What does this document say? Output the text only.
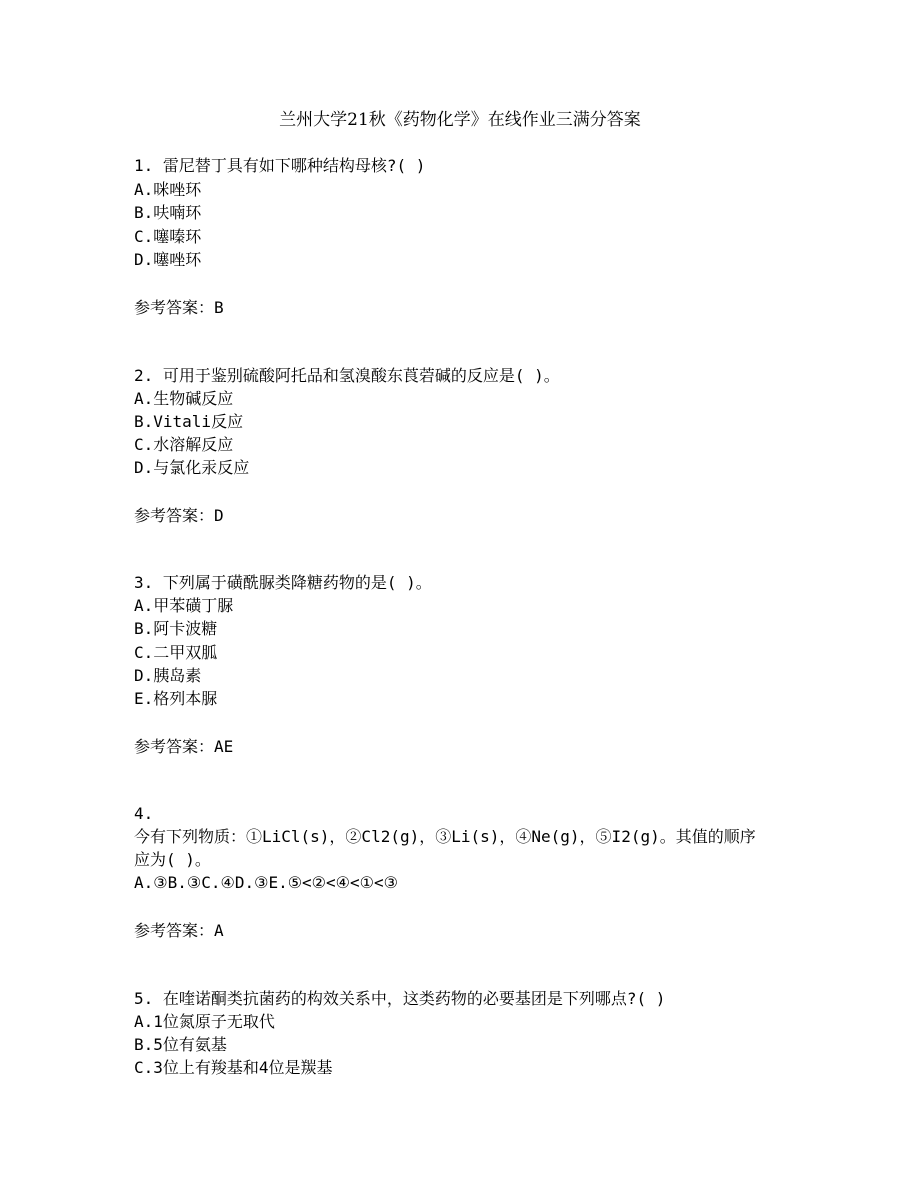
兰州大学21秋《药物化学》在线作业三满分答案
1. 雷尼替丁具有如下哪种结构母核?( )
A.咪唑环
B.呋喃环
C.噻嗪环
D.噻唑环
参考答案：B
2. 可用于鉴别硫酸阿托品和氢溴酸东莨菪碱的反应是( )。
A.生物碱反应
B.Vitali反应
C.水溶解反应
D.与氯化汞反应
参考答案：D
3. 下列属于磺酰脲类降糖药物的是( )。
A.甲苯磺丁脲
B.阿卡波糖
C.二甲双胍
D.胰岛素
E.格列本脲
参考答案：AE
4.
今有下列物质：①LiCl(s)，②Cl2(g)，③Li(s)，④Ne(g)，⑤I2(g)。其值的顺序
应为( )。
A.③B.③C.④D.③E.⑤<②<④<①<③
参考答案：A
5. 在喹诺酮类抗菌药的构效关系中，这类药物的必要基团是下列哪点?( )
A.1位氮原子无取代
B.5位有氨基
C.3位上有羧基和4位是羰基
